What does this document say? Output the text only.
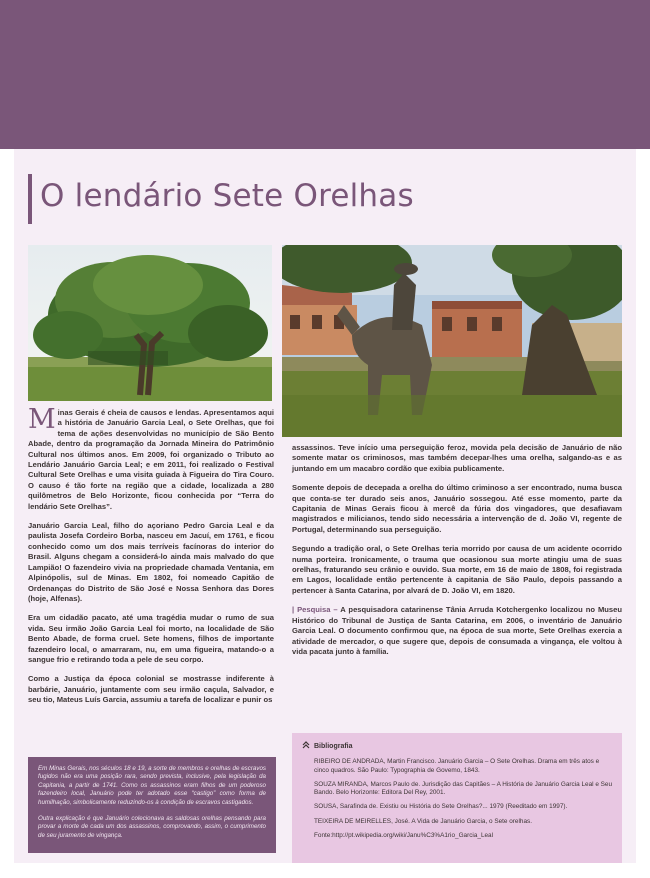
O lendário Sete Orelhas

Minas Gerais é cheia de causos e lendas. Apresentamos aqui a história de Januário Garcia Leal, o Sete Orelhas, que foi tema de ações desenvolvidas no município de São Bento Abade, dentro da programação da Jornada Mineira do Patrimônio Cultural nos últimos anos. Em 2009, foi organizado o Tributo ao Lendário Januário Garcia Leal; e em 2011, foi realizado o Festival Cultural Sete Orelhas e uma visita guiada à Figueira do Tira Couro. O causo é tão forte na região que a cidade, localizada a 280 quilômetros de Belo Horizonte, ficou conhecida por “Terra do lendário Sete Orelhas”.

Januário Garcia Leal, filho do açoriano Pedro Garcia Leal e da paulista Josefa Cordeiro Borba, nasceu em Jacuí, em 1761, e ficou conhecido como um dos mais terríveis facínoras do interior do Brasil. Alguns chegam a considerá-lo ainda mais malvado do que Lampião! O fazendeiro vivia na propriedade chamada Ventania, em Alpinópolis, sul de Minas. Em 1802, foi nomeado Capitão de Ordenanças do Distrito de São José e Nossa Senhora das Dores (hoje, Alfenas).

Era um cidadão pacato, até uma tragédia mudar o rumo de sua vida. Seu irmão João Garcia Leal foi morto, na localidade de São Bento Abade, de forma cruel. Sete homens, filhos de importante fazendeiro local, o amarraram, nu, em uma figueira, matando-o a sangue frio e retirando toda a pele de seu corpo.

Como a Justiça da época colonial se mostrasse indiferente à barbárie, Januário, juntamente com seu irmão caçula, Salvador, e seu tio, Mateus Luís Garcia, assumiu a tarefa de localizar e punir os

assassinos. Teve início uma perseguição feroz, movida pela decisão de Januário de não somente matar os criminosos, mas também decepar-lhes uma orelha, salgando-as e as juntando em um macabro cordão que exibia publicamente.

Somente depois de decepada a orelha do último criminoso a ser encontrado, numa busca que conta-se ter durado seis anos, Januário sossegou. Até esse momento, parte da Capitania de Minas Gerais ficou à mercê da fúria dos vingadores, que desafiavam magistrados e milicianos, tendo sido necessária a intervenção de d. João VI, regente de Portugal, determinando sua perseguição.

Segundo a tradição oral, o Sete Orelhas teria morrido por causa de um acidente ocorrido numa porteira. Ironicamente, o trauma que ocasionou sua morte atingiu uma de suas orelhas, fraturando seu crânio e ouvido. Sua morte, em 16 de maio de 1808, foi registrada em Lagos, localidade então pertencente à capitania de São Paulo, depois passando a pertencer à Santa Catarina, por alvará de D. João VI, em 1820.

| Pesquisa – A pesquisadora catarinense Tânia Arruda Kotchergenko localizou no Museu Histórico do Tribunal de Justiça de Santa Catarina, em 2006, o inventário de Januário Garcia Leal. O documento confirmou que, na época de sua morte, Sete Orelhas exercia a atividade de mercador, o que sugere que, depois de consumada a vingança, ele voltou à vida pacata junto à família.

Em Minas Gerais, nos séculos 18 e 19, a sorte de membros e orelhas de escravos fugidos não era uma posição rara, sendo prevista, inclusive, pela legislação da Capitania, a partir de 1741. Como os assassinos eram filhos de um poderoso fazendeiro local, Januário pode ter adotado esse “castigo” como forma de humilhação, simbolicamente reduzindo-os à condição de escravos castigados.

Outra explicação é que Januário colecionava as saldosas orelhas pensando para provar a morte de cada um dos assassinos, comprovando, assim, o cumprimento de seu juramento de vingança.

Bibliografia
RIBEIRO DE ANDRADA, Martin Francisco. Januário Garcia – O Sete Orelhas. Drama em três atos e cinco quadros. São Paulo: Typographia de Govemo, 1843.
SOUZA MIRANDA, Marcos Paulo de. Jurisdição das Capitães – A História de Januário Garcia Leal e Seu Bando. Belo Horizonte: Editora Del Rey, 2001.
SOUSA, Sarafinda de. Existiu ou História do Sete Orelhas?... 1979 (Reeditado em 1997).
TEIXEIRA DE MEIRELLES, José. A Vida de Januário Garcia, o Sete orelhas.
Fonte:http://pt.wikipedia.org/wiki/Janu%C3%A1rio_Garcia_Leal
